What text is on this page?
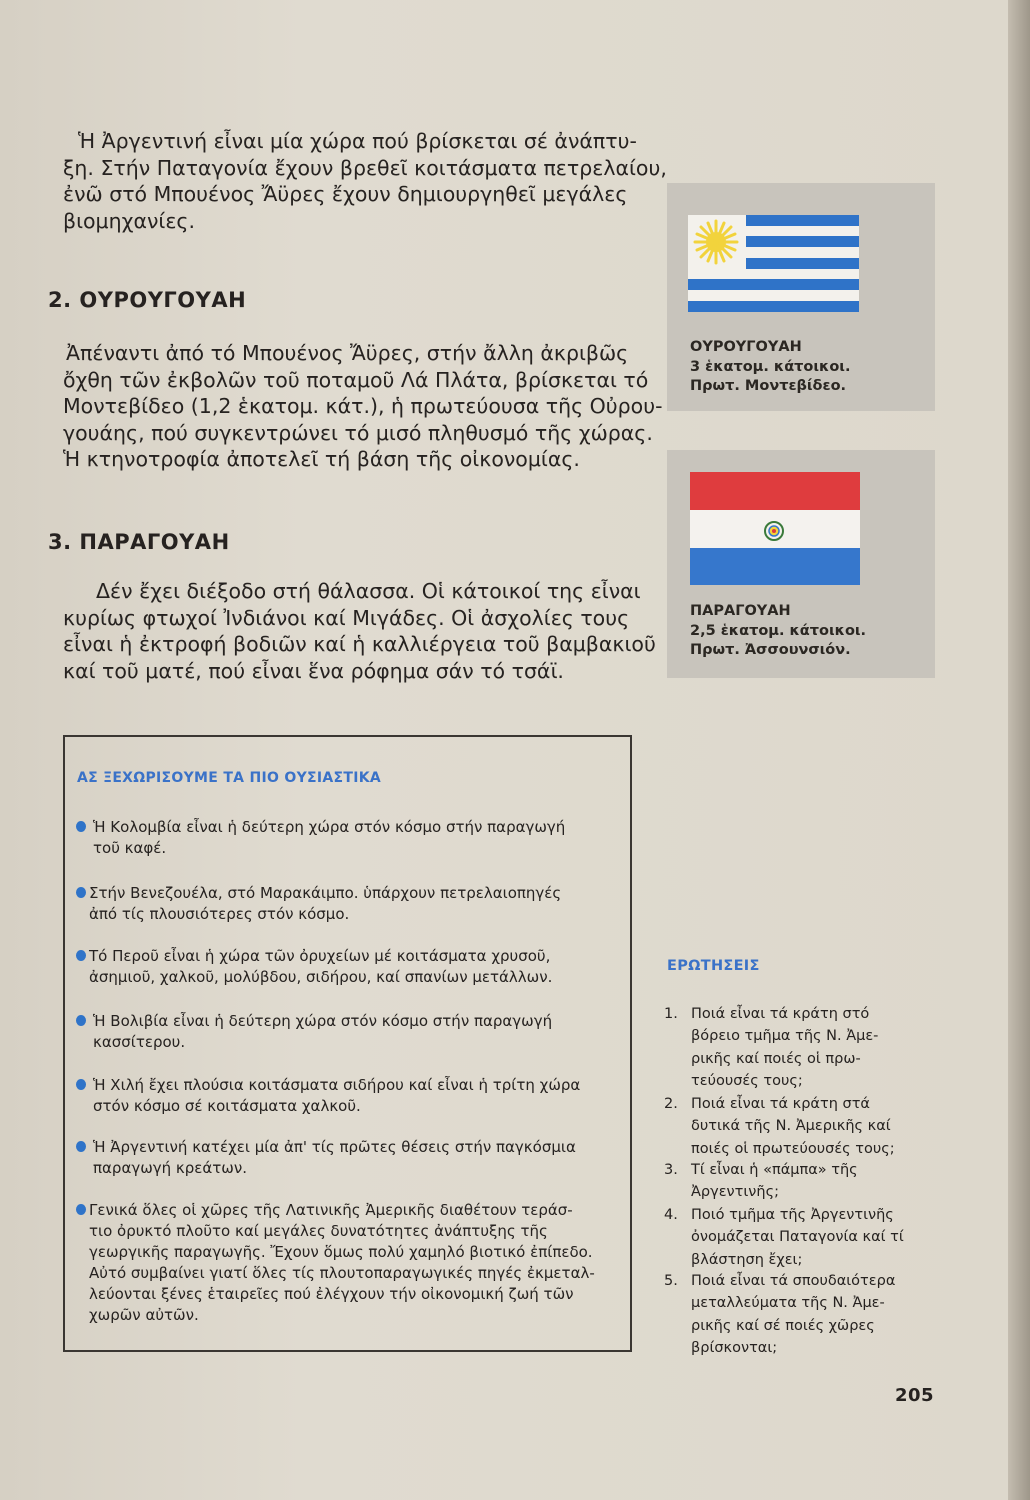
Ἡ Ἀργεντινή εἶναι μία χώρα πού βρίσκεται σέ ἀνάπτυ-
ξη. Στήν Παταγονία ἔχουν βρεθεῖ κοιτάσματα πετρελαίου,
ἐνῶ στό Μπουένος Ἄϋρες ἔχουν δημιουργηθεῖ μεγάλες
βιομηχανίες.
2. ΟΥΡΟΥΓΟΥΑΗ
Ἀπέναντι ἀπό τό Μπουένος Ἄϋρες, στήν ἄλλη ἀκριβῶς
ὄχθη τῶν ἐκβολῶν τοῦ ποταμοῦ Λά Πλάτα, βρίσκεται τό
Μοντεβίδεο (1,2 ἑκατομ. κάτ.), ἡ πρωτεύουσα τῆς Οὐρου-
γουάης, πού συγκεντρώνει τό μισό πληθυσμό τῆς χώρας.
Ἡ κτηνοτροφία ἀποτελεῖ τή βάση τῆς οἰκονομίας.
3. ΠΑΡΑΓΟΥΑΗ
Δέν ἔχει διέξοδο στή θάλασσα. Οἱ κάτοικοί της εἶναι
κυρίως φτωχοί Ἰνδιάνοι καί Μιγάδες. Οἱ ἀσχολίες τους
εἶναι ἡ ἐκτροφή βοδιῶν καί ἡ καλλιέργεια τοῦ βαμβακιοῦ
καί τοῦ ματέ, πού εἶναι ἕνα ρόφημα σάν τό τσάϊ.
ΟΥΡΟΥΓΟΥΑΗ
3 ἑκατομ. κάτοικοι.
Πρωτ. Μοντεβίδεο.
ΠΑΡΑΓΟΥΑΗ
2,5 ἑκατομ. κάτοικοι.
Πρωτ. Ἀσσουνσιόν.
ΑΣ ΞΕΧΩΡΙΣΟΥΜΕ ΤΑ ΠΙΟ ΟΥΣΙΑΣΤΙΚΑ
Ἡ Κολομβία εἶναι ἡ δεύτερη χώρα στόν κόσμο στήν παραγωγή
τοῦ καφέ.
Στήν Βενεζουέλα, στό Μαρακάιμπο. ὑπάρχουν πετρελαιοπηγές
ἀπό τίς πλουσιότερες στόν κόσμο.
Τό Περοῦ εἶναι ἡ χώρα τῶν ὀρυχείων μέ κοιτάσματα χρυσοῦ,
ἀσημιοῦ, χαλκοῦ, μολύβδου, σιδήρου, καί σπανίων μετάλλων.
Ἡ Βολιβία εἶναι ἡ δεύτερη χώρα στόν κόσμο στήν παραγωγή
κασσίτερου.
Ἡ Χιλή ἔχει πλούσια κοιτάσματα σιδήρου καί εἶναι ἡ τρίτη χώρα
στόν κόσμο σέ κοιτάσματα χαλκοῦ.
Ἡ Ἀργεντινή κατέχει μία ἀπ' τίς πρῶτες θέσεις στήν παγκόσμια
παραγωγή κρεάτων.
Γενικά ὅλες οἱ χῶρες τῆς Λατινικῆς Ἀμερικῆς διαθέτουν τεράσ-
τιο ὀρυκτό πλοῦτο καί μεγάλες δυνατότητες ἀνάπτυξης τῆς
γεωργικῆς παραγωγῆς. Ἔχουν ὅμως πολύ χαμηλό βιοτικό ἐπίπεδο.
Αὐτό συμβαίνει γιατί ὅλες τίς πλουτοπαραγωγικές πηγές ἐκμεταλ-
λεύονται ξένες ἑταιρεῖες πού ἐλέγχουν τήν οἰκονομική ζωή τῶν
χωρῶν αὐτῶν.
ΕΡΩΤΗΣΕΙΣ
1. Ποιά εἶναι τά κράτη στό
βόρειο τμῆμα τῆς Ν. Ἀμε-
ρικῆς καί ποιές οἱ πρω-
τεύουσές τους;
2. Ποιά εἶναι τά κράτη στά
δυτικά τῆς Ν. Ἀμερικῆς καί
ποιές οἱ πρωτεύουσές τους;
3. Τί εἶναι ἡ «πάμπα» τῆς
Ἀργεντινῆς;
4. Ποιό τμῆμα τῆς Ἀργεντινῆς
ὀνομάζεται Παταγονία καί τί
βλάστηση ἔχει;
5. Ποιά εἶναι τά σπουδαιότερα
μεταλλεύματα τῆς Ν. Ἀμε-
ρικῆς καί σέ ποιές χῶρες
βρίσκονται;
205
